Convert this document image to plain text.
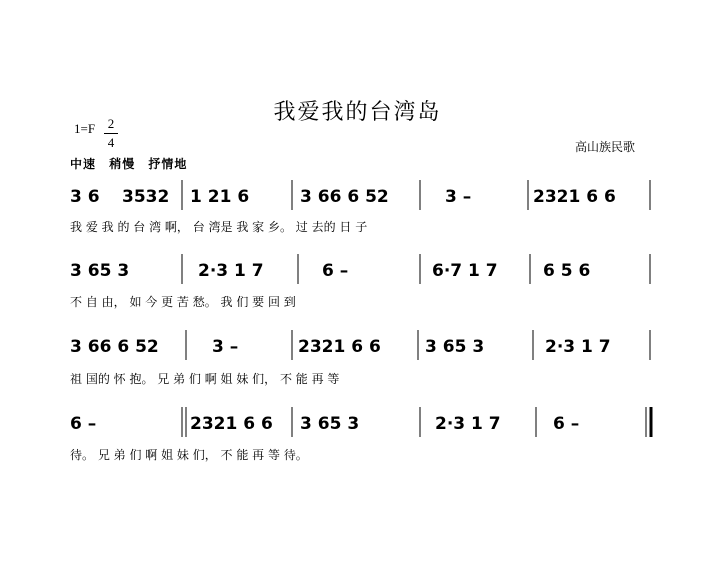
我爱我的台湾岛
1=F 2
4	高山族民歌
中速 稍慢 抒情地
3 6 3532 1 21 6	3 66 6 52	3 –	2321 6 6
我 爱 我 的 台 湾 啊， 台 湾是 我 家 乡。 过 去的 日 子
3 65 3	2·3 1 7	6 –	6·7 1 7	6 5 6
不 自 由， 如 今 更 苦 愁。 我 们 要 回 到
3 66 6 52	3 –	2321 6 6	3 65 3	2·3 1 7
祖 国的 怀 抱。 兄 弟 们 啊 姐 妹 们， 不 能 再 等
6 –	2321 6 6 3 65 3	2·3 1 7	6 –
待。 兄 弟 们 啊 姐 妹 们， 不 能 再 等 待。
